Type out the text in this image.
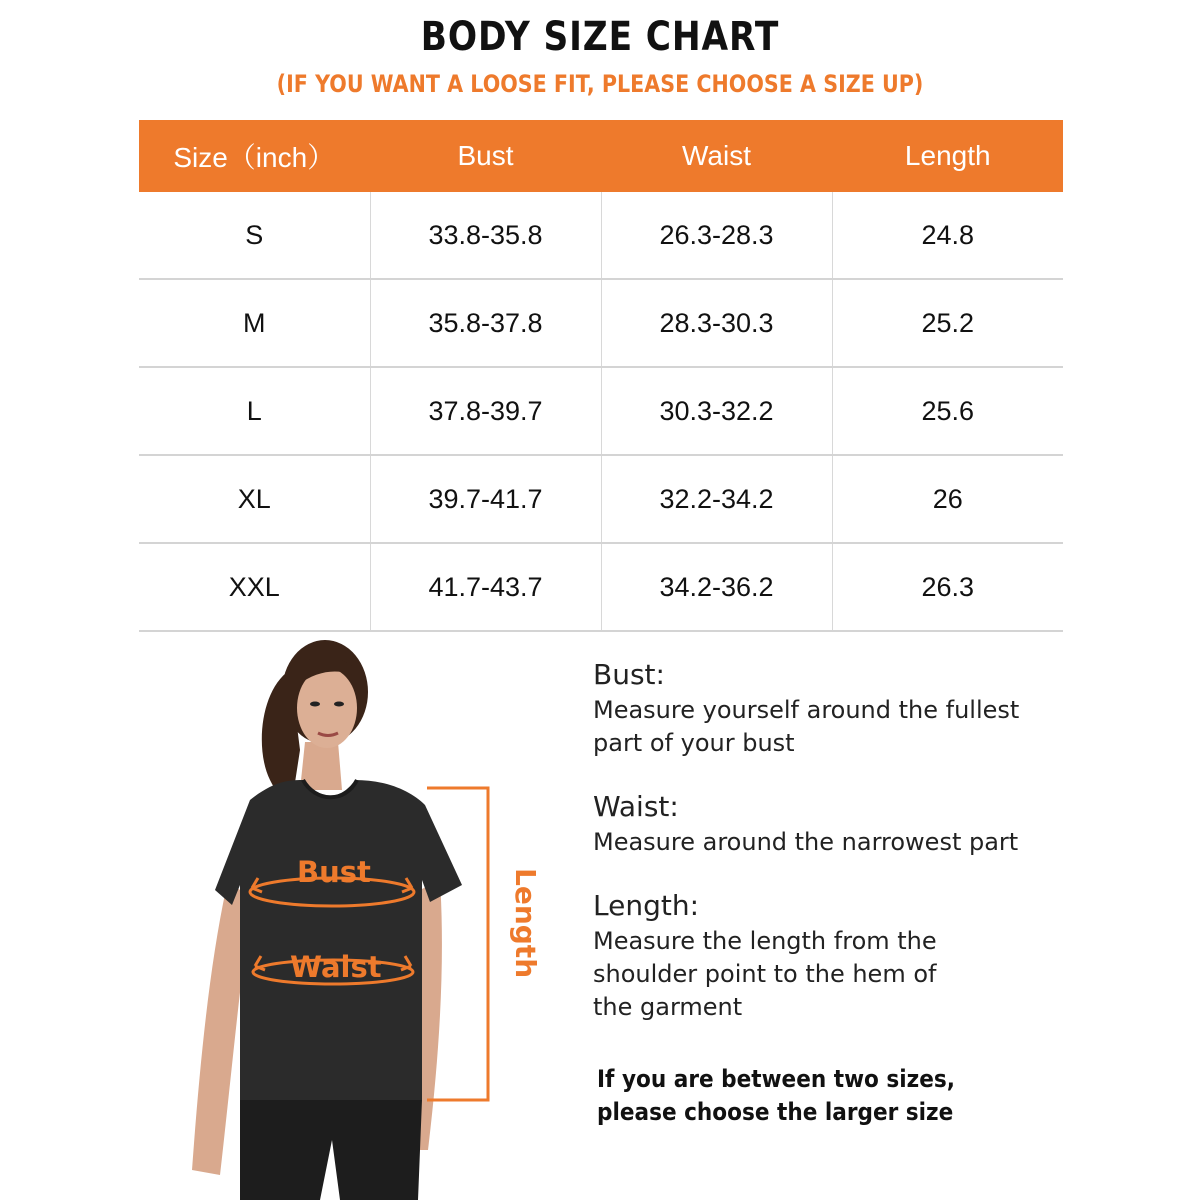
BODY SIZE CHART
(IF YOU WANT A LOOSE FIT, PLEASE CHOOSE A SIZE UP)
Size（inch）	Bust	Waist	Length
S	33.8-35.8	26.3-28.3	24.8
M	35.8-37.8	28.3-30.3	25.2
L	37.8-39.7	30.3-32.2	25.6
XL	39.7-41.7	32.2-34.2	26
XXL	41.7-43.7	34.2-36.2	26.3
Bust
Waist	Length
Bust:
Measure yourself around the fullest part of your bust
Waist:
Measure around the narrowest part
Length:
Measure the length from the shoulder point to the hem of the garment
If you are between two sizes,
please choose the larger size
